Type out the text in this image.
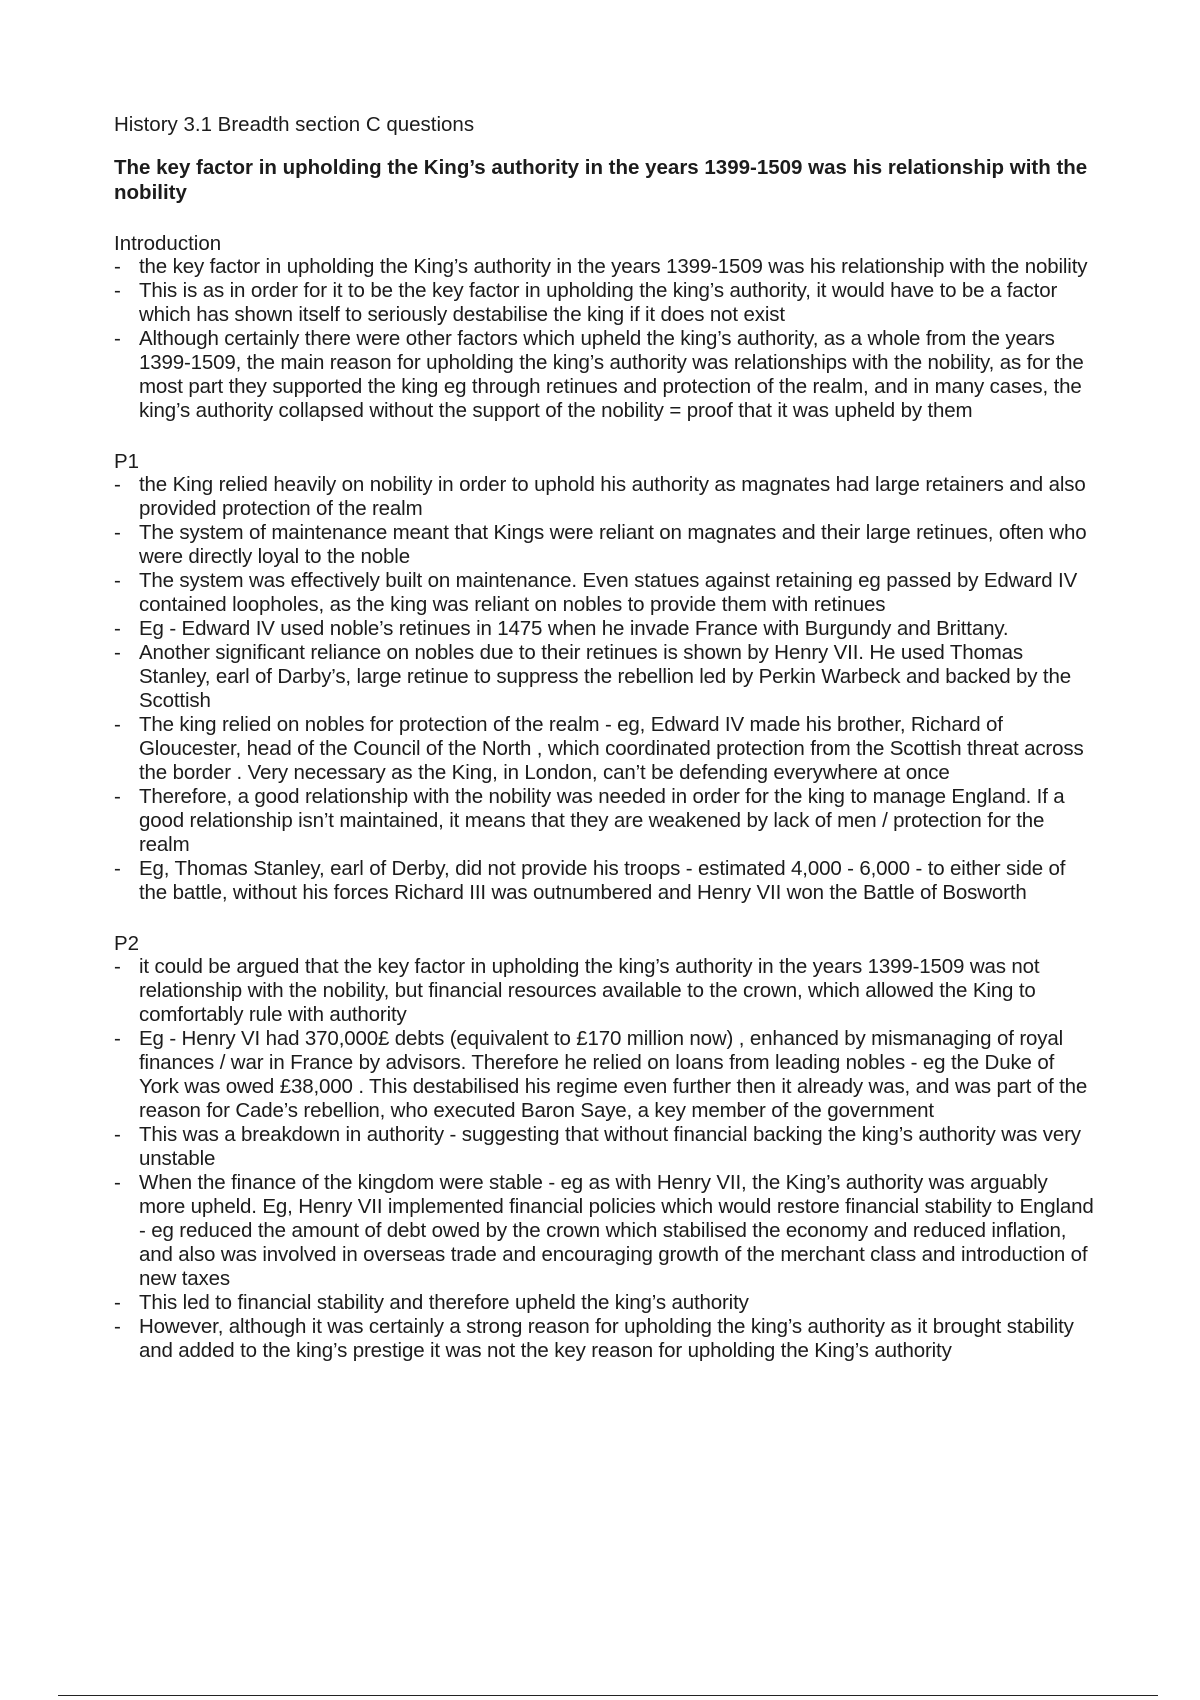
History 3.1 Breadth section C questions
The key factor in upholding the King’s authority in the years 1399-1509 was his relationship with the nobility
Introduction
- the key factor in upholding the King’s authority in the years 1399-1509 was his relationship with the nobility
- This is as in order for it to be the key factor in upholding the king’s authority, it would have to be a factor which has shown itself to seriously destabilise the king if it does not exist
- Although certainly there were other factors which upheld the king’s authority, as a whole from the years 1399-1509, the main reason for upholding the king’s authority was relationships with the nobility, as for the most part they supported the king eg through retinues and protection of the realm, and in many cases, the king’s authority collapsed without the support of the nobility = proof that it was upheld by them
P1
- the King relied heavily on nobility in order to uphold his authority as magnates had large retainers and also provided protection of the realm
- The system of maintenance meant that Kings were reliant on magnates and their large retinues, often who were directly loyal to the noble
- The system was effectively built on maintenance. Even statues against retaining eg passed by Edward IV contained loopholes, as the king was reliant on nobles to provide them with retinues
- Eg - Edward IV used noble’s retinues in 1475 when he invade France with Burgundy and Brittany.
- Another significant reliance on nobles due to their retinues is shown by Henry VII. He used Thomas Stanley, earl of Darby’s, large retinue to suppress the rebellion led by Perkin Warbeck and backed by the Scottish
- The king relied on nobles for protection of the realm - eg, Edward IV made his brother, Richard of Gloucester, head of the Council of the North , which coordinated protection from the Scottish threat across the border . Very necessary as the King, in London, can’t be defending everywhere at once
- Therefore, a good relationship with the nobility was needed in order for the king to manage England. If a good relationship isn’t maintained, it means that they are weakened by lack of men / protection for the realm
- Eg, Thomas Stanley, earl of Derby, did not provide his troops - estimated 4,000 - 6,000 - to either side of the battle, without his forces Richard III was outnumbered and Henry VII won the Battle of Bosworth
P2
- it could be argued that the key factor in upholding the king’s authority in the years 1399-1509 was not relationship with the nobility, but financial resources available to the crown, which allowed the King to comfortably rule with authority
- Eg - Henry VI had 370,000£ debts (equivalent to £170 million now) , enhanced by mismanaging of royal finances / war in France by advisors. Therefore he relied on loans from leading nobles - eg the Duke of York was owed £38,000 . This destabilised his regime even further then it already was, and was part of the reason for Cade’s rebellion, who executed Baron Saye, a key member of the government
- This was a breakdown in authority - suggesting that without financial backing the king’s authority was very unstable
- When the finance of the kingdom were stable - eg as with Henry VII, the King’s authority was arguably more upheld. Eg, Henry VII implemented financial policies which would restore financial stability to England - eg reduced the amount of debt owed by the crown which stabilised the economy and reduced inflation, and also was involved in overseas trade and encouraging growth of the merchant class and introduction of new taxes
- This led to financial stability and therefore upheld the king’s authority
- However, although it was certainly a strong reason for upholding the king’s authority as it brought stability and added to the king’s prestige it was not the key reason for upholding the King’s authority
